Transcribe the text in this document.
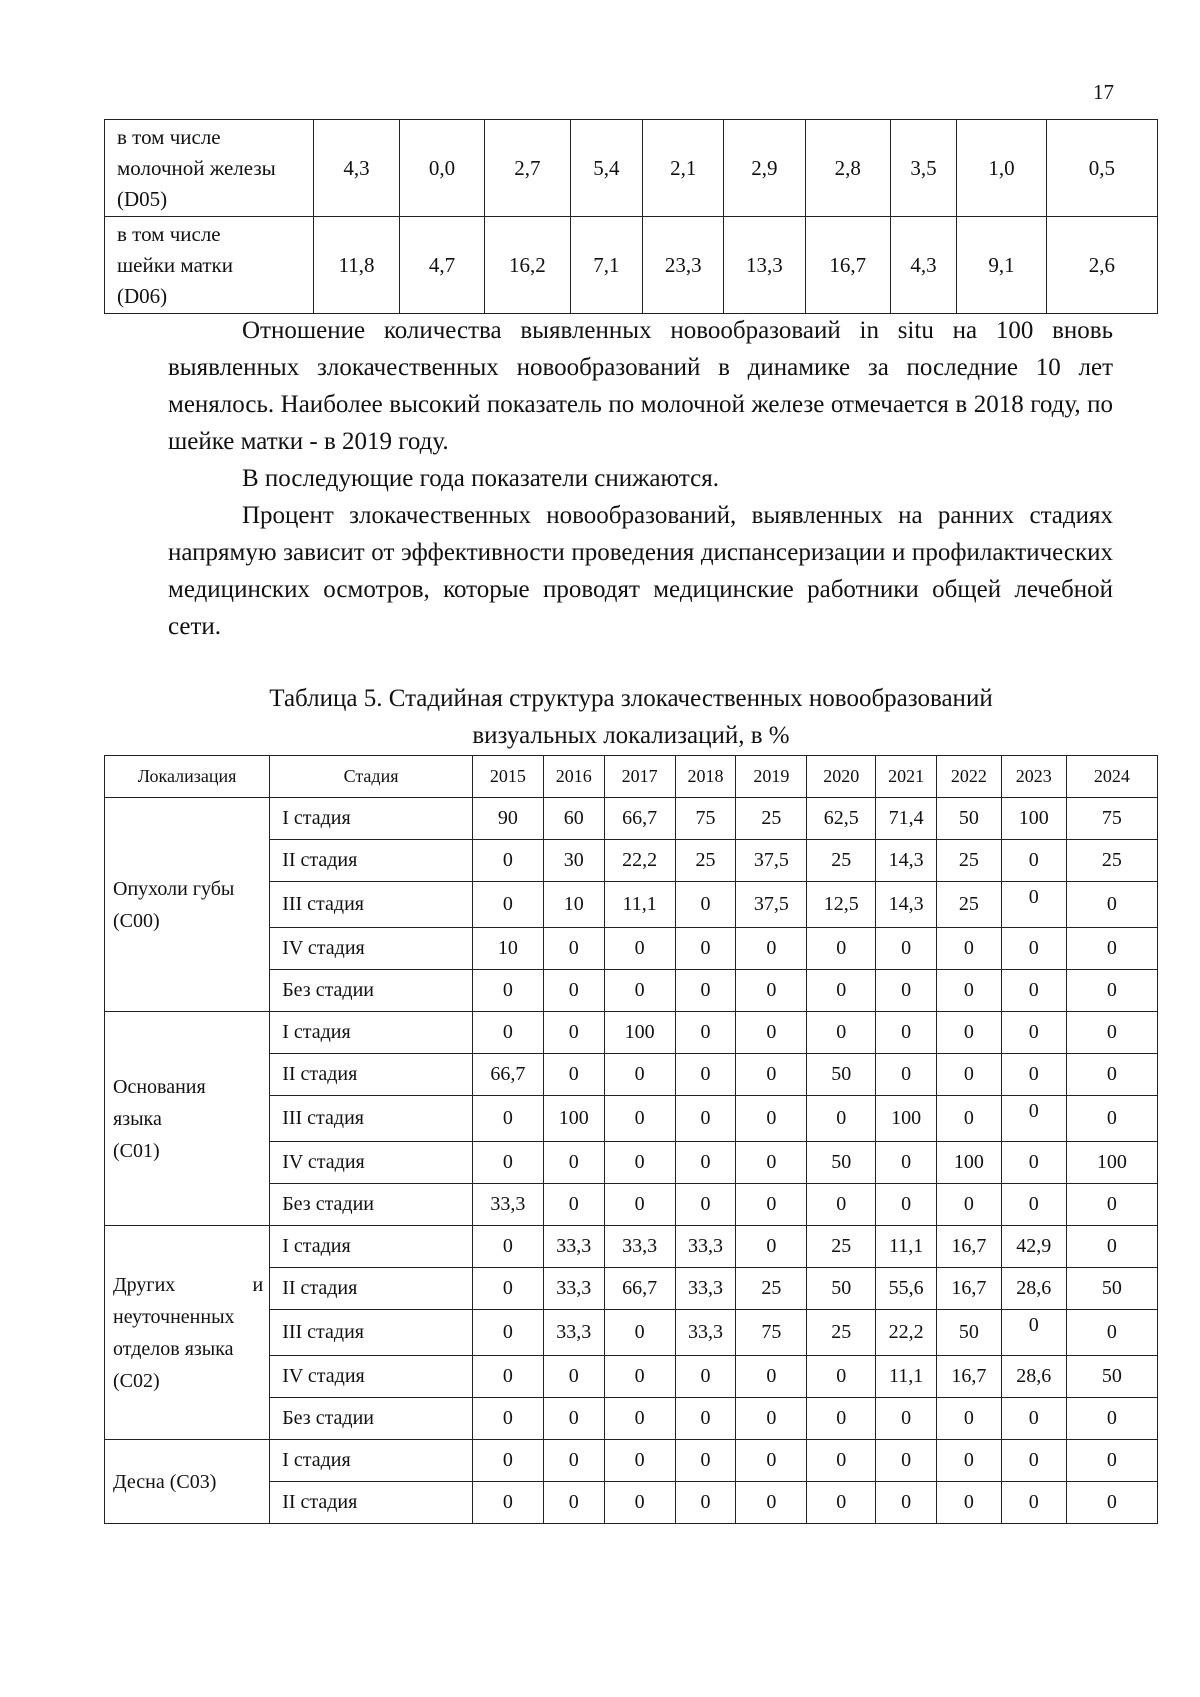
17
в том числе
молочной железы
(D05)	4,3	0,0	2,7	5,4	2,1	2,9	2,8	3,5	1,0	0,5

в том числе
шейки матки
(D06)	11,8	4,7	16,2	7,1	23,3	13,3	16,7	4,3	9,1	2,6

Отношение количества выявленных новообразоваий in situ на 100 вновь выявленных злокачественных новообразований в динамике за последние 10 лет менялось. Наиболее высокий показатель по молочной железе отмечается в 2018 году, по шейке матки - в 2019 году.

В последующие года показатели снижаются.

Процент злокачественных новообразований, выявленных на ранних стадиях напрямую зависит от эффективности проведения диспансеризации и профилактических медицинских осмотров, которые проводят медицинские работники общей лечебной сети.

Таблица 5. Стадийная структура злокачественных новообразований
визуальных локализаций, в %
Локализация	Стадия	2015	2016	2017	2018	2019	2020	2021	2022	2023	2024

Опухоли губы
(С00)	I стадия	90	60	66,7	75	25	62,5	71,4	50	100	75
	II стадия	0	30	22,2	25	37,5	25	14,3	25	0	25
	III стадия	0	10	11,1	0	37,5	12,5	14,3	25	0	0
	IV стадия	10	0	0	0	0	0	0	0	0	0
	Без стадии	0	0	0	0	0	0	0	0	0	0

Основания
языка
(С01)	I стадия	0	0	100	0	0	0	0	0	0	0
	II стадия	66,7	0	0	0	0	50	0	0	0	0
	III стадия	0	100	0	0	0	0	100	0	0	0
	IV стадия	0	0	0	0	0	50	0	100	0	100
	Без стадии	33,3	0	0	0	0	0	0	0	0	0

Других и
неуточненных
отделов языка
(С02)	I стадия	0	33,3	33,3	33,3	0	25	11,1	16,7	42,9	0
	II стадия	0	33,3	66,7	33,3	25	50	55,6	16,7	28,6	50
	III стадия	0	33,3	0	33,3	75	25	22,2	50	0	0
	IV стадия	0	0	0	0	0	0	11,1	16,7	28,6	50
	Без стадии	0	0	0	0	0	0	0	0	0	0

Десна (С03)	I стадия	0	0	0	0	0	0	0	0	0	0
	II стадия	0	0	0	0	0	0	0	0	0	0
